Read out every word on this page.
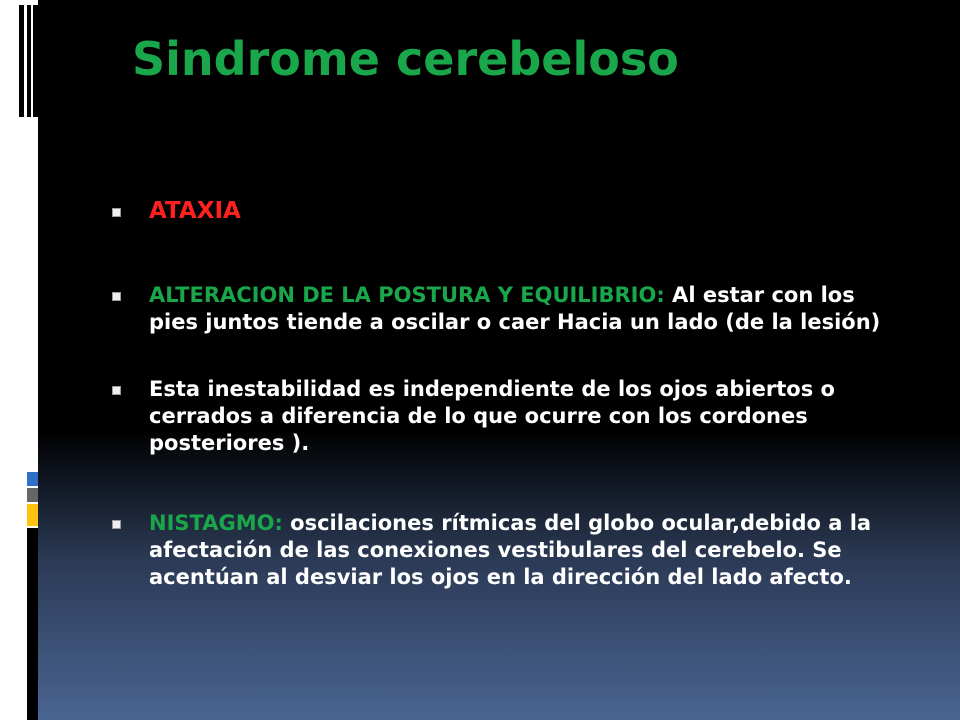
Sindrome cerebeloso
ATAXIA
ALTERACION DE LA POSTURA Y EQUILIBRIO: Al estar con los pies juntos tiende a oscilar o caer Hacia un lado (de la lesión)
Esta inestabilidad es independiente de los ojos abiertos o cerrados a diferencia de lo que ocurre con los cordones posteriores ).
NISTAGMO: oscilaciones rítmicas del globo ocular,debido a la afectación de las conexiones vestibulares del cerebelo. Se acentúan al desviar los ojos en la dirección del lado afecto.
